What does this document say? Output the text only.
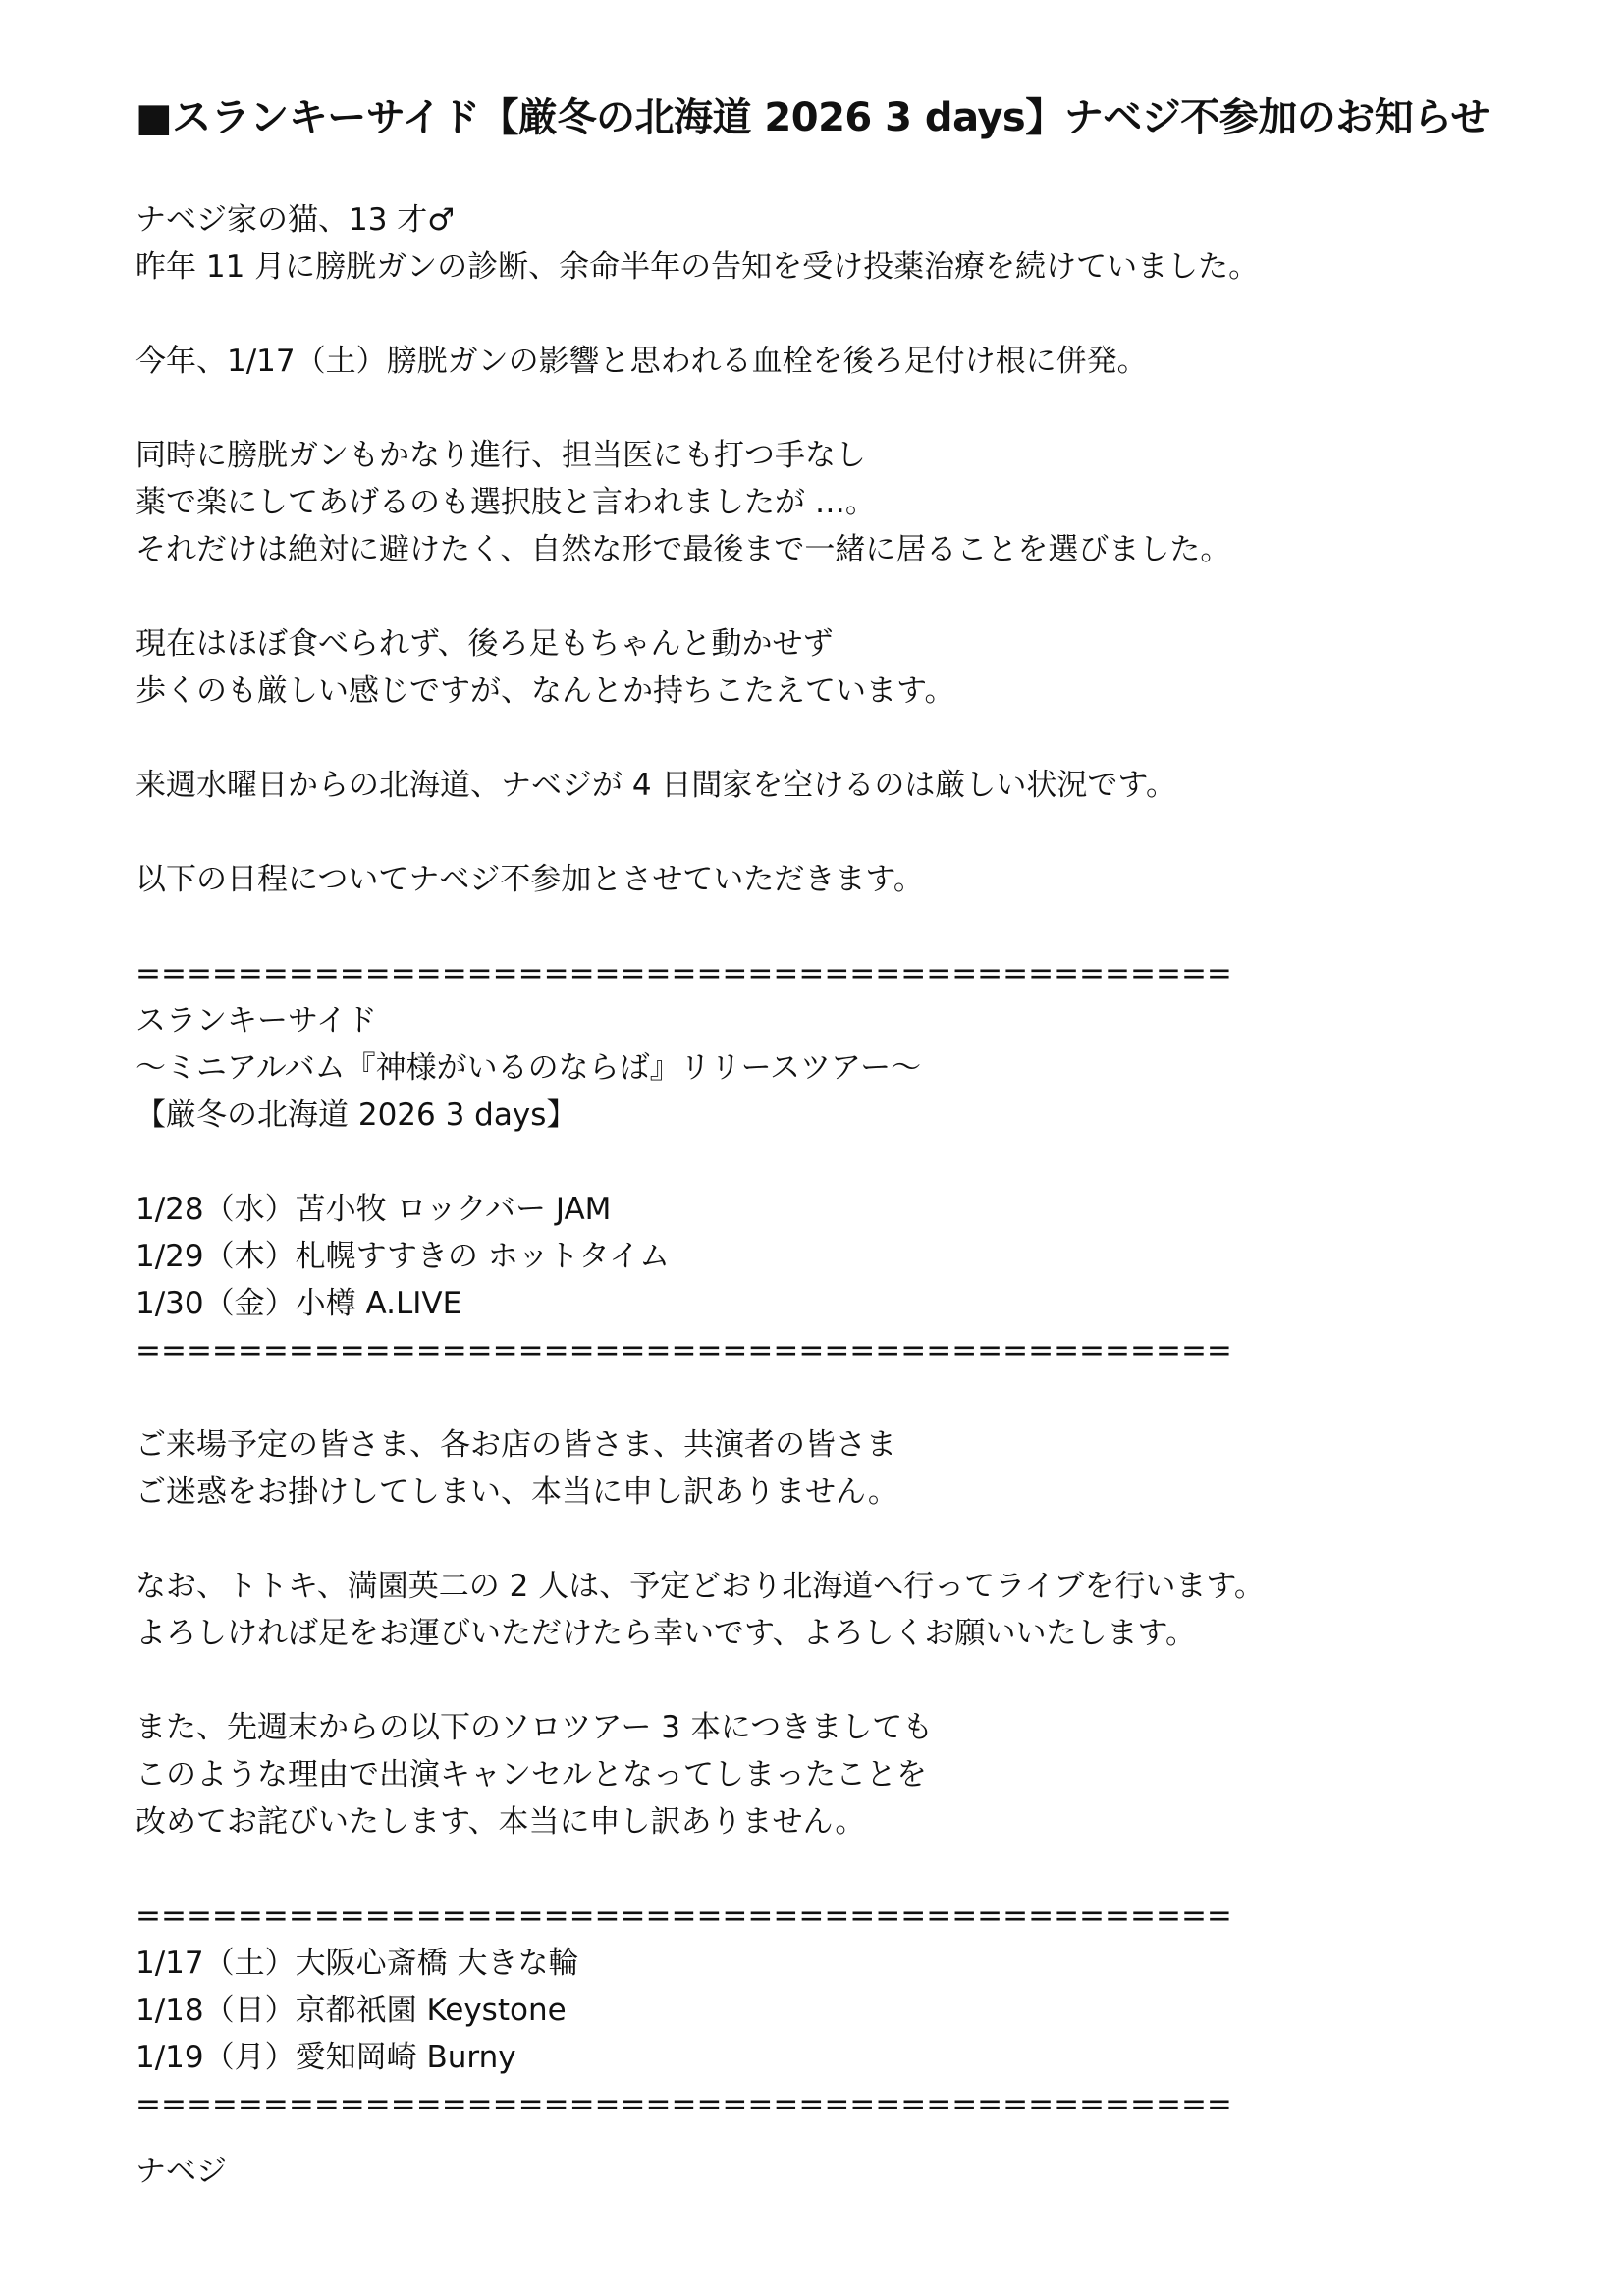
■スランキーサイド【厳冬の北海道 2026 3 days】ナベジ不参加のお知らせ
ナベジ家の猫、13 才♂
昨年 11 月に膀胱ガンの診断、余命半年の告知を受け投薬治療を続けていました。
今年、1/17（土）膀胱ガンの影響と思われる血栓を後ろ足付け根に併発。
同時に膀胱ガンもかなり進行、担当医にも打つ手なし
薬で楽にしてあげるのも選択肢と言われましたが …。
それだけは絶対に避けたく、自然な形で最後まで一緒に居ることを選びました。
現在はほぼ食べられず、後ろ足もちゃんと動かせず
歩くのも厳しい感じですが、なんとか持ちこたえています。
来週水曜日からの北海道、ナベジが 4 日間家を空けるのは厳しい状況です。
以下の日程についてナベジ不参加とさせていただきます。
===========================================
スランキーサイド
〜ミニアルバム『神様がいるのならば』リリースツアー〜
【厳冬の北海道 2026 3 days】
1/28（水）苫小牧 ロックバー JAM
1/29（木）札幌すすきの ホットタイム
1/30（金）小樽 A.LIVE
===========================================
ご来場予定の皆さま、各お店の皆さま、共演者の皆さま
ご迷惑をお掛けしてしまい、本当に申し訳ありません。
なお、トトキ、満園英二の 2 人は、予定どおり北海道へ行ってライブを行います。
よろしければ足をお運びいただけたら幸いです、よろしくお願いいたします。
また、先週末からの以下のソロツアー 3 本につきましても
このような理由で出演キャンセルとなってしまったことを
改めてお詫びいたします、本当に申し訳ありません。
===========================================
1/17（土）大阪心斎橋 大きな輪
1/18（日）京都祇園 Keystone
1/19（月）愛知岡崎 Burny
===========================================
ナベジ
